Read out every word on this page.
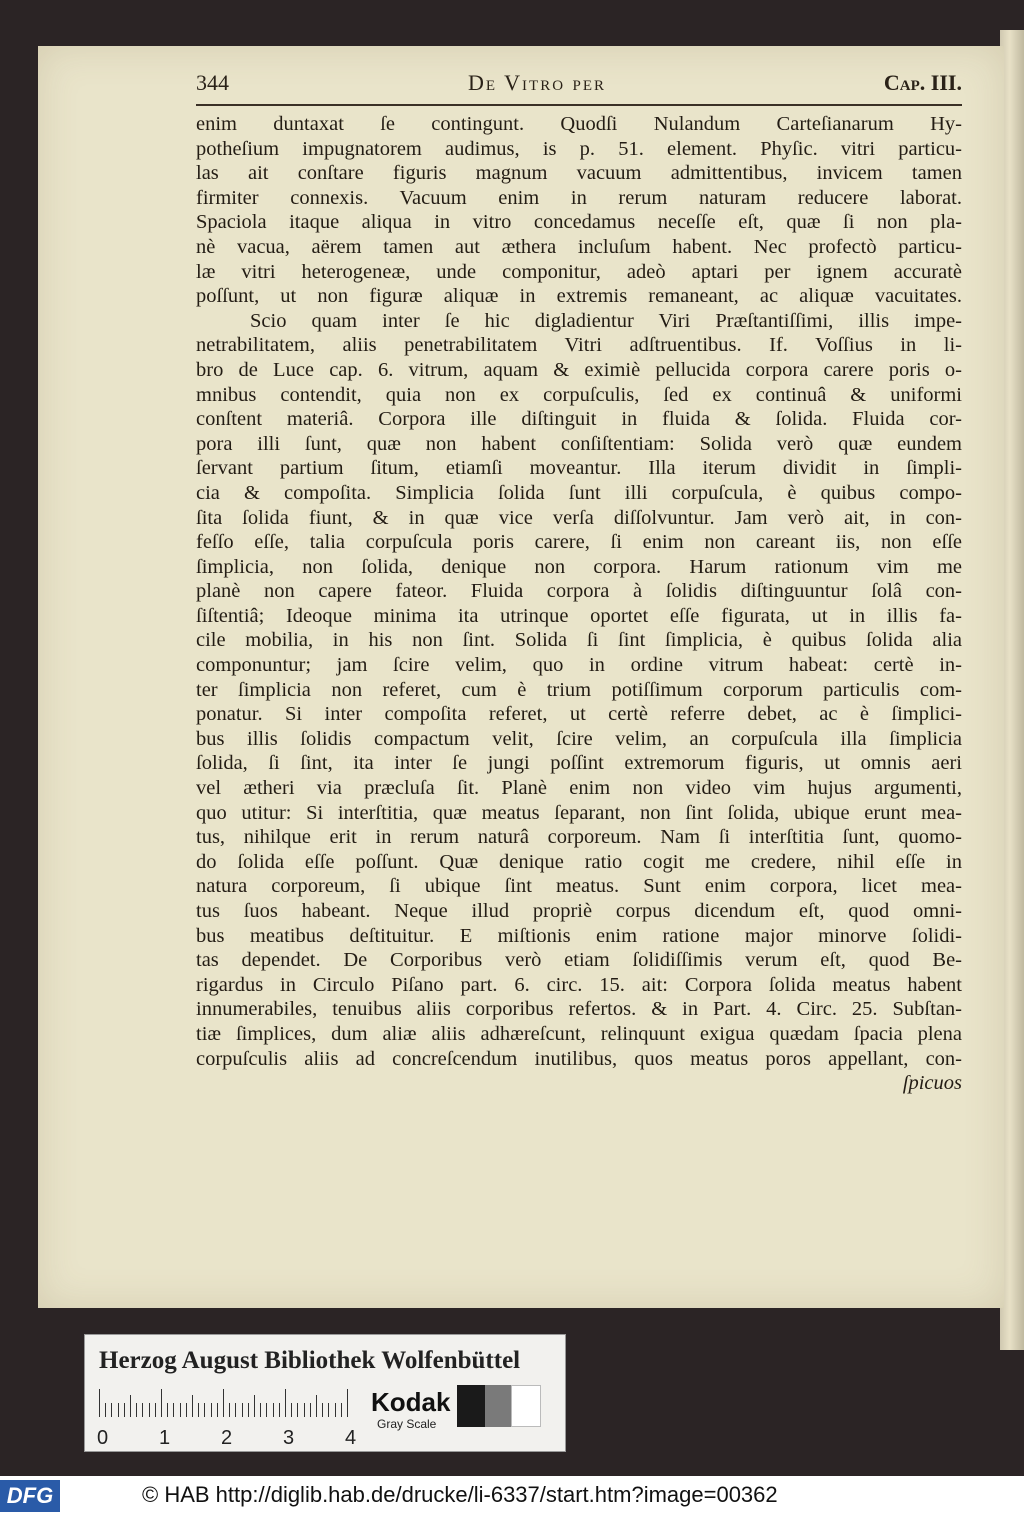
344	De Vitro per	Cap. III.
enim duntaxat ſe contingunt. Quodſi Nulandum Carteſianarum Hy-
potheſium impugnatorem audimus, is p. 51. element. Phyſic. vitri particu-
las ait conſtare figuris magnum vacuum admittentibus, invicem tamen
firmiter connexis. Vacuum enim in rerum naturam reducere laborat.
Spaciola itaque aliqua in vitro concedamus neceſſe eſt, quæ ſi non pla-
nè vacua, aërem tamen aut æthera incluſum habent. Nec profectò particu-
læ vitri heterogeneæ, unde componitur, adeò aptari per ignem accuratè
poſſunt, ut non figuræ aliquæ in extremis remaneant, ac aliquæ vacuitates.
Scio quam inter ſe hic digladientur Viri Præſtantiſſimi, illis impe-
netrabilitatem, aliis penetrabilitatem Vitri adſtruentibus. If. Voſſius in li-
bro de Luce cap. 6. vitrum, aquam & eximiè pellucida corpora carere poris o-
mnibus contendit, quia non ex corpuſculis, ſed ex continuâ & uniformi
conſtent materiâ. Corpora ille diſtinguit in fluida & ſolida. Fluida cor-
pora illi ſunt, quæ non habent conſiſtentiam: Solida verò quæ eundem
ſervant partium ſitum, etiamſi moveantur. Illa iterum dividit in ſimpli-
cia & compoſita. Simplicia ſolida ſunt illi corpuſcula, è quibus compo-
ſita ſolida fiunt, & in quæ vice verſa diſſolvuntur. Jam verò ait, in con-
feſſo eſſe, talia corpuſcula poris carere, ſi enim non careant iis, non eſſe
ſimplicia, non ſolida, denique non corpora. Harum rationum vim me
planè non capere fateor. Fluida corpora à ſolidis diſtinguuntur ſolâ con-
ſiſtentiâ; Ideoque minima ita utrinque oportet eſſe figurata, ut in illis fa-
cile mobilia, in his non ſint. Solida ſi ſint ſimplicia, è quibus ſolida alia
componuntur; jam ſcire velim, quo in ordine vitrum habeat: certè in-
ter ſimplicia non referet, cum è trium potiſſimum corporum particulis com-
ponatur. Si inter compoſita referet, ut certè referre debet, ac è ſimplici-
bus illis ſolidis compactum velit, ſcire velim, an corpuſcula illa ſimplicia
ſolida, ſi ſint, ita inter ſe jungi poſſint extremorum figuris, ut omnis aeri
vel ætheri via præcluſa ſit. Planè enim non video vim hujus argumenti,
quo utitur: Si interſtitia, quæ meatus ſeparant, non ſint ſolida, ubique erunt mea-
tus, nihilque erit in rerum naturâ corporeum. Nam ſi interſtitia ſunt, quomo-
do ſolida eſſe poſſunt. Quæ denique ratio cogit me credere, nihil eſſe in
natura corporeum, ſi ubique ſint meatus. Sunt enim corpora, licet mea-
tus ſuos habeant. Neque illud propriè corpus dicendum eſt, quod omni-
bus meatibus deſtituitur. E miſtionis enim ratione major minorve ſolidi-
tas dependet. De Corporibus verò etiam ſolidiſſimis verum eſt, quod Be-
rigardus in Circulo Piſano part. 6. circ. 15. ait: Corpora ſolida meatus habent
innumerabiles, tenuibus aliis corporibus refertos. & in Part. 4. Circ. 25. Subſtan-
tiæ ſimplices, dum aliæ aliis adhæreſcunt, relinquunt exigua quædam ſpacia plena
corpuſculis aliis ad concreſcendum inutilibus, quos meatus poros appellant, con-
ſpicuos
Herzog August Bibliothek Wolfenbüttel
0	1	2	3	4
Kodak
Gray Scale
DFG	© HAB http://diglib.hab.de/drucke/li-6337/start.htm?image=00362
